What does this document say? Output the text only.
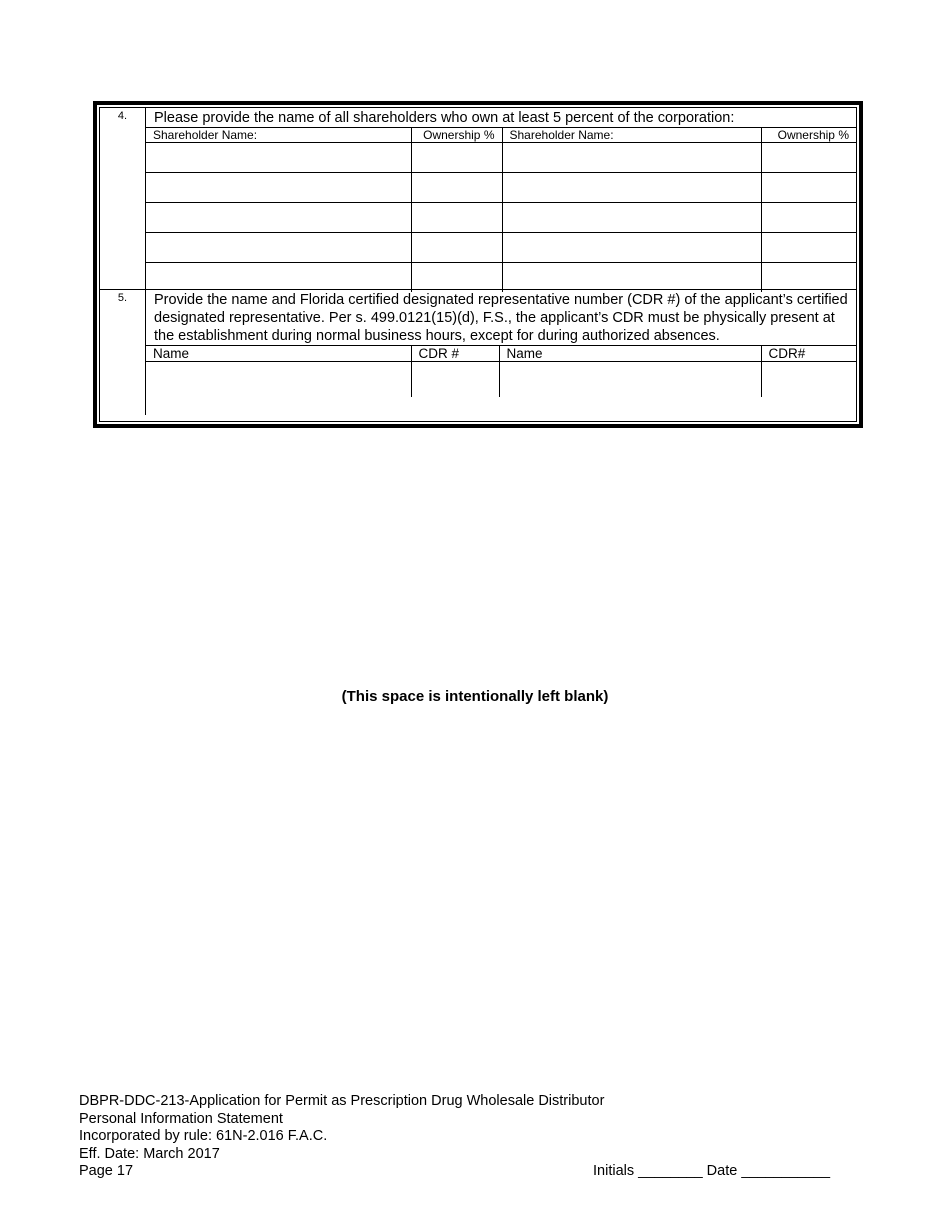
4.	Please provide the name of all shareholders who own at least 5 percent of the corporation:
Shareholder Name:	Ownership %	Shareholder Name:	Ownership %

5.	Provide the name and Florida certified designated representative number (CDR #) of the applicant’s certified designated representative. Per s. 499.0121(15)(d), F.S., the applicant’s CDR must be physically present at the establishment during normal business hours, except for during authorized absences.
Name	CDR #	Name	CDR#

(This space is intentionally left blank)
DBPR-DDC-213-Application for Permit as Prescription Drug Wholesale Distributor
Personal Information Statement
Incorporated by rule: 61N-2.016 F.A.C.
Eff. Date: March 2017
Page 17	Initials ________ Date ___________
